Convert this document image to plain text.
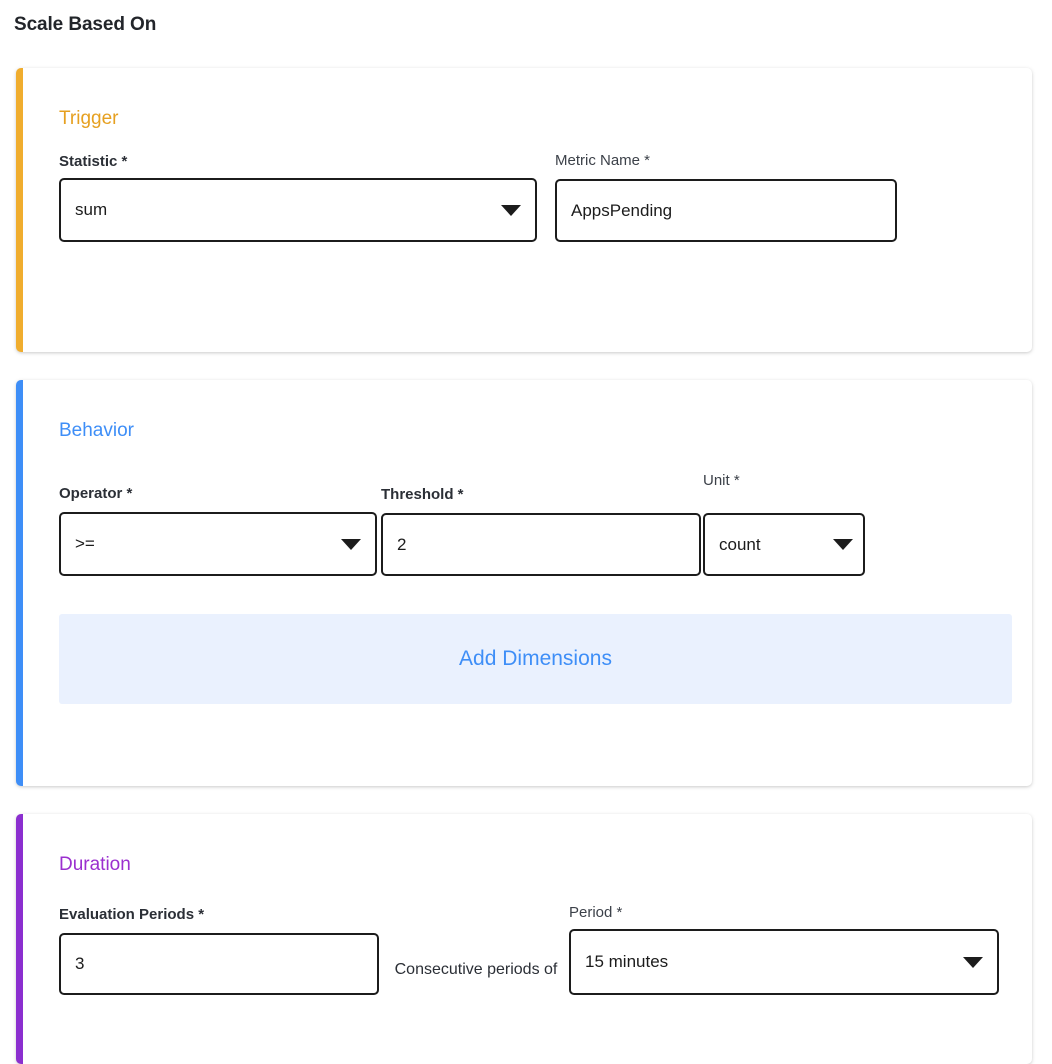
Scale Based On
Trigger
Statistic *
sum
Metric Name *
AppsPending
Behavior
Operator *
>=
Threshold *
2
Unit *
count
Add Dimensions
Duration
Evaluation Periods *
3	Consecutive periods of
Period *
15 minutes
